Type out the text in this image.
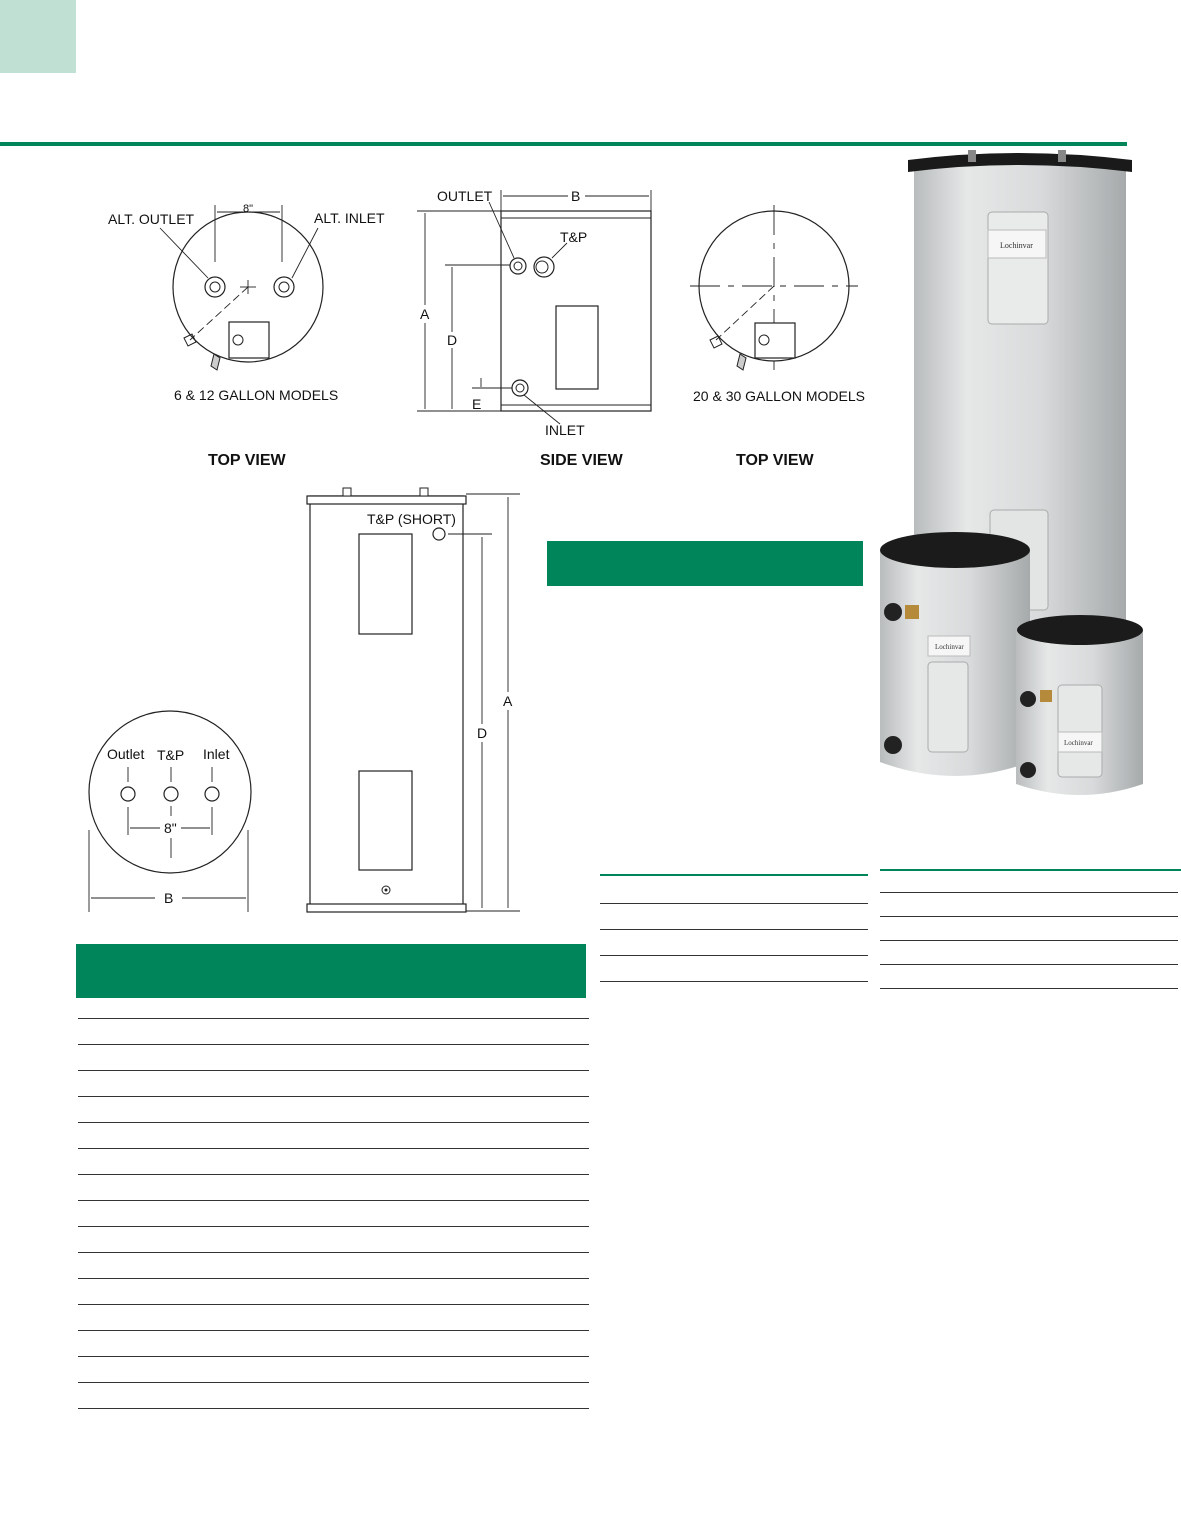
8"
ALT. OUTLET	ALT. INLET
6 & 12 GALLON MODELS
TOP VIEW
OUTLET	B
T&P
A
D
E
INLET
SIDE VIEW
20 & 30 GALLON MODELS
TOP VIEW
Outlet T&P Inlet
8"
B
T&P (SHORT)
A
D
Lochinvar
Lochinvar
Lochinvar
